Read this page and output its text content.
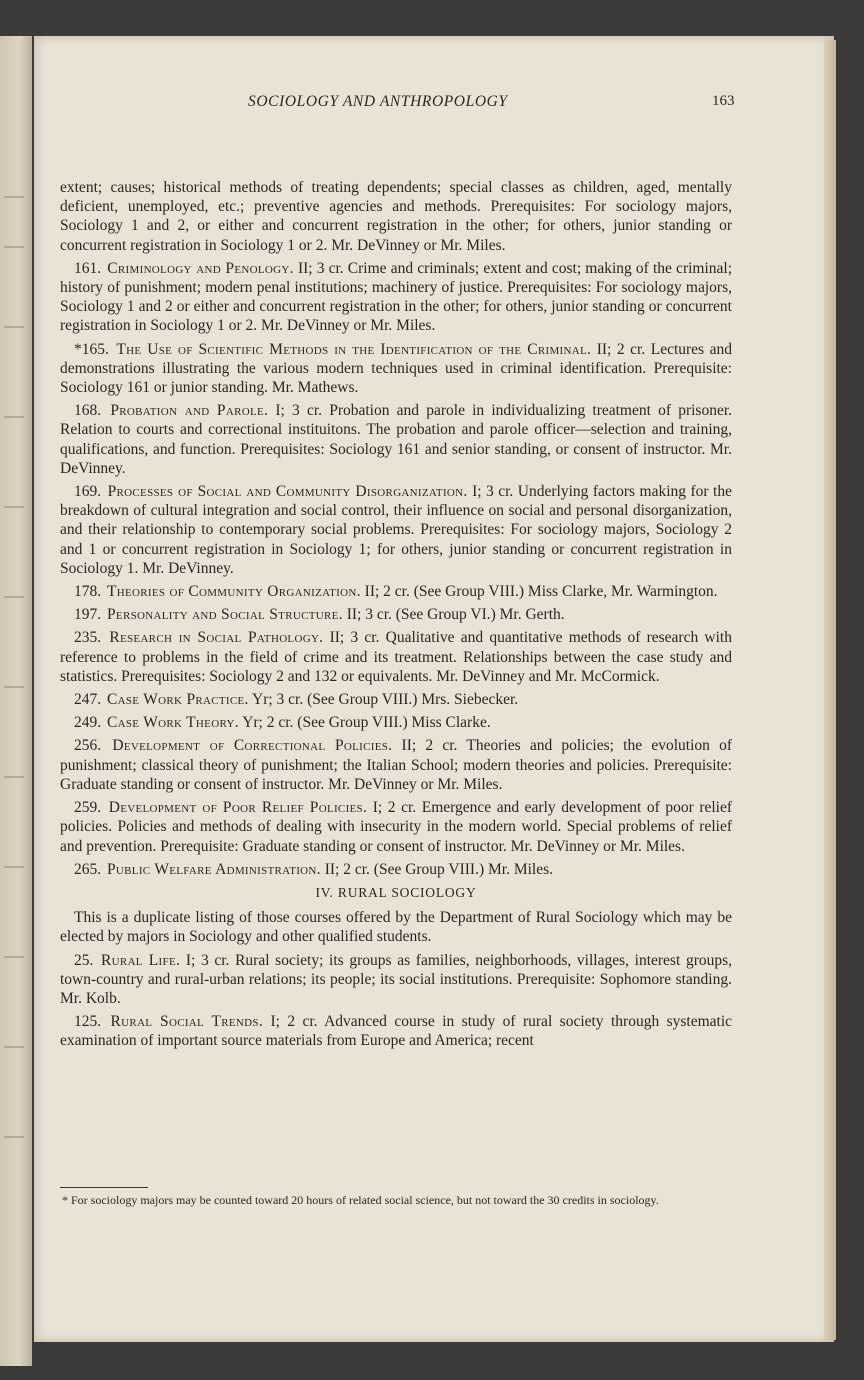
SOCIOLOGY AND ANTHROPOLOGY	163

extent; causes; historical methods of treating dependents; special classes as children, aged, mentally deficient, unemployed, etc.; preventive agencies and methods. Prerequisites: For sociology majors, Sociology 1 and 2, or either and concurrent registration in the other; for others, junior standing or concurrent registration in Sociology 1 or 2. Mr. DeVinney or Mr. Miles.

161. Criminology and Penology. II; 3 cr. Crime and criminals; extent and cost; making of the criminal; history of punishment; modern penal institutions; machinery of justice. Prerequisites: For sociology majors, Sociology 1 and 2 or either and concurrent registration in the other; for others, junior standing or concurrent registration in Sociology 1 or 2. Mr. DeVinney or Mr. Miles.

*165. The Use of Scientific Methods in the Identification of the Criminal. II; 2 cr. Lectures and demonstrations illustrating the various modern techniques used in criminal identification. Prerequisite: Sociology 161 or junior standing. Mr. Mathews.

168. Probation and Parole. I; 3 cr. Probation and parole in individualizing treatment of prisoner. Relation to courts and correctional instituitons. The probation and parole officer—selection and training, qualifications, and function. Prerequisites: Sociology 161 and senior standing, or consent of instructor. Mr. DeVinney.

169. Processes of Social and Community Disorganization. I; 3 cr. Underlying factors making for the breakdown of cultural integration and social control, their influence on social and personal disorganization, and their relationship to contemporary social problems. Prerequisites: For sociology majors, Sociology 2 and 1 or concurrent registration in Sociology 1; for others, junior standing or concurrent registration in Sociology 1. Mr. DeVinney.

178. Theories of Community Organization. II; 2 cr. (See Group VIII.) Miss Clarke, Mr. Warmington.

197. Personality and Social Structure. II; 3 cr. (See Group VI.) Mr. Gerth.

235. Research in Social Pathology. II; 3 cr. Qualitative and quantitative methods of research with reference to problems in the field of crime and its treatment. Relationships between the case study and statistics. Prerequisites: Sociology 2 and 132 or equivalents. Mr. DeVinney and Mr. McCormick.

247. Case Work Practice. Yr; 3 cr. (See Group VIII.) Mrs. Siebecker.

249. Case Work Theory. Yr; 2 cr. (See Group VIII.) Miss Clarke.

256. Development of Correctional Policies. II; 2 cr. Theories and policies; the evolution of punishment; classical theory of punishment; the Italian School; modern theories and policies. Prerequisite: Graduate standing or consent of instructor. Mr. DeVinney or Mr. Miles.

259. Development of Poor Relief Policies. I; 2 cr. Emergence and early development of poor relief policies. Policies and methods of dealing with insecurity in the modern world. Special problems of relief and prevention. Prerequisite: Graduate standing or consent of instructor. Mr. DeVinney or Mr. Miles.

265. Public Welfare Administration. II; 2 cr. (See Group VIII.) Mr. Miles.

IV. RURAL SOCIOLOGY

This is a duplicate listing of those courses offered by the Department of Rural Sociology which may be elected by majors in Sociology and other qualified students.

25. Rural Life. I; 3 cr. Rural society; its groups as families, neighborhoods, villages, interest groups, town-country and rural-urban relations; its people; its social institutions. Prerequisite: Sophomore standing. Mr. Kolb.

125. Rural Social Trends. I; 2 cr. Advanced course in study of rural society through systematic examination of important source materials from Europe and America; recent

* For sociology majors may be counted toward 20 hours of related social science, but not toward the 30 credits in sociology.
